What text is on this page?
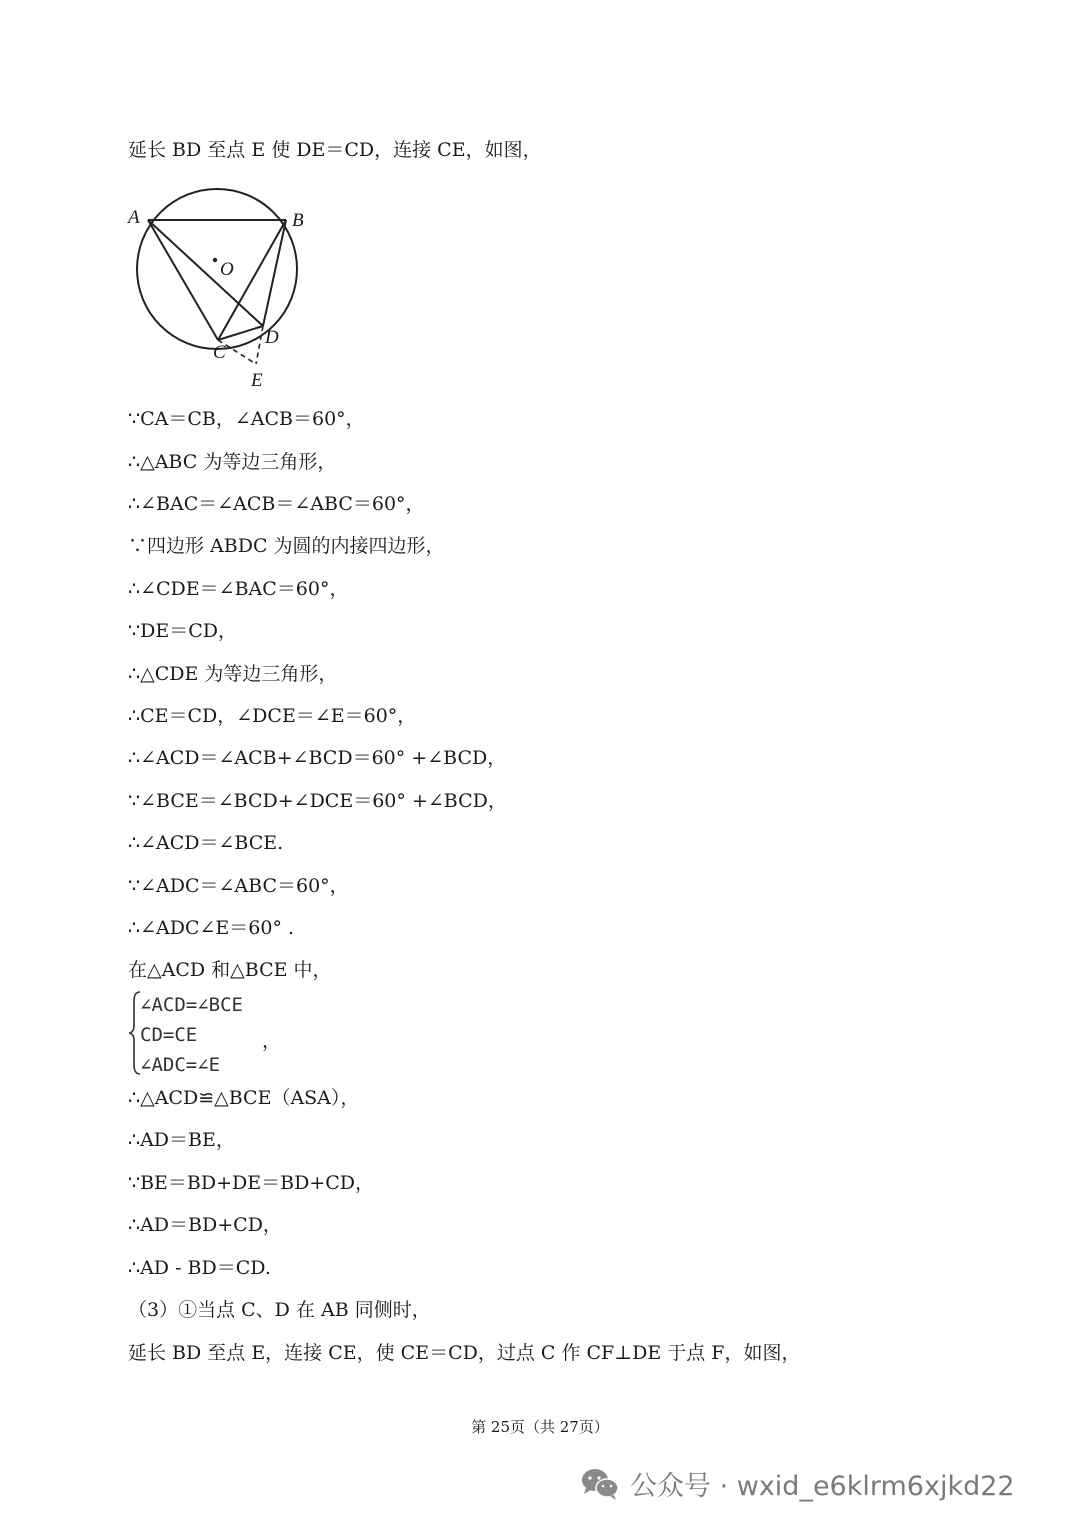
延长 BD 至点 E 使 DE＝CD，连接 CE，如图，
A	B
O
C
D
E
∵CA＝CB，∠ACB＝60°，
∴△ABC 为等边三角形，
∴∠BAC＝∠ACB＝∠ABC＝60°，
∵四边形 ABDC 为圆的内接四边形，
∴∠CDE＝∠BAC＝60°，
∵DE＝CD，
∴△CDE 为等边三角形，
∴CE＝CD，∠DCE＝∠E＝60°，
∴∠ACD＝∠ACB+∠BCD＝60° +∠BCD，
∵∠BCE＝∠BCD+∠DCE＝60° +∠BCD，
∴∠ACD＝∠BCE.
∵∠ADC＝∠ABC＝60°，
∴∠ADC∠E＝60° .
在△ACD 和△BCE 中，
∠ACD=∠BCE
CD=CE
∠ADC=∠E
，
∴△ACD≌△BCE（ASA），
∴AD＝BE，
∵BE＝BD+DE＝BD+CD，
∴AD＝BD+CD，
∴AD - BD＝CD.
（3）①当点 C、D 在 AB 同侧时，
延长 BD 至点 E，连接 CE，使 CE＝CD，过点 C 作 CF⊥DE 于点 F，如图，
第 25页（共 27页）
公众号 · wxid_e6klrm6xjkd22
